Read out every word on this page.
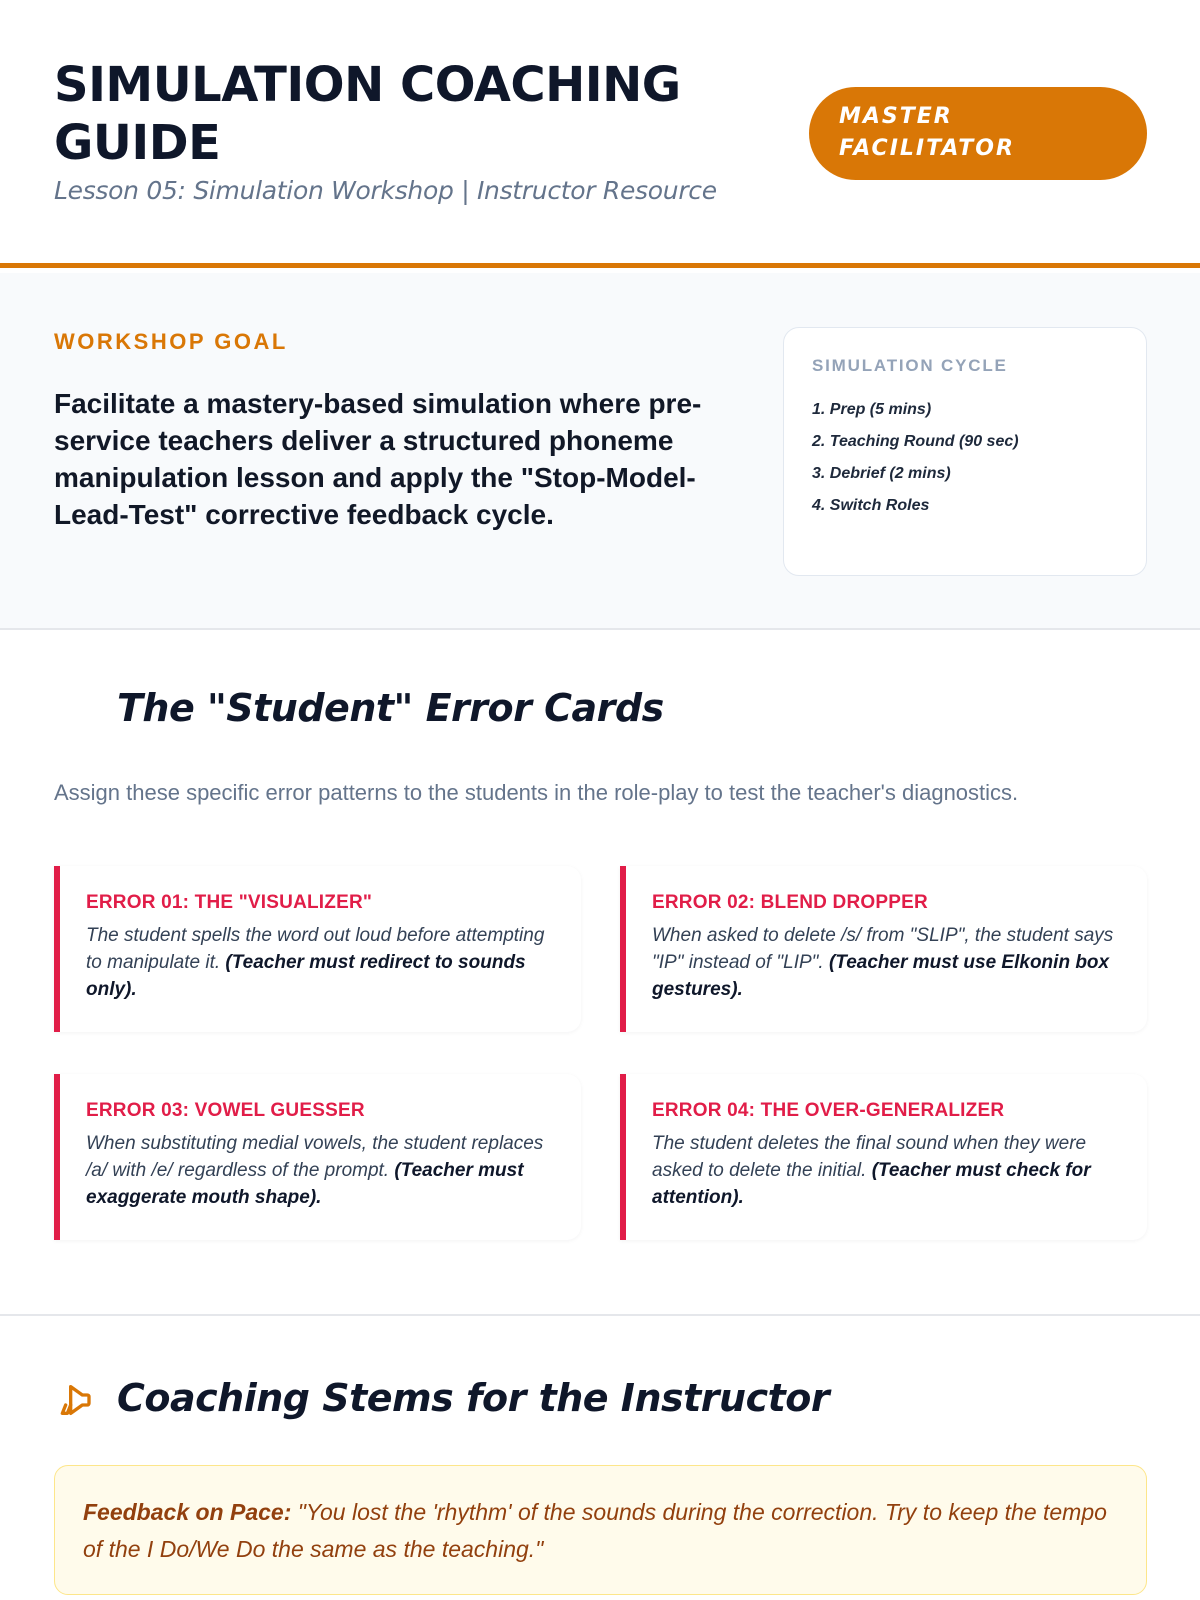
SIMULATION COACHING GUIDE
Lesson 05: Simulation Workshop | Instructor Resource
MASTER FACILITATOR
WORKSHOP GOAL

Facilitate a mastery-based simulation where pre-service teachers deliver a structured phoneme manipulation lesson and apply the "Stop-Model-Lead-Test" corrective feedback cycle.

SIMULATION CYCLE
1. Prep (5 mins)
2. Teaching Round (90 sec)
3. Debrief (2 mins)
4. Switch Roles
The "Student" Error Cards

Assign these specific error patterns to the students in the role-play to test the teacher's diagnostics.

ERROR 01: THE "VISUALIZER"
The student spells the word out loud before attempting to manipulate it. (Teacher must redirect to sounds only).
ERROR 02: BLEND DROPPER
When asked to delete /s/ from "SLIP", the student says "IP" instead of "LIP". (Teacher must use Elkonin box gestures).
ERROR 03: VOWEL GUESSER
When substituting medial vowels, the student replaces /a/ with /e/ regardless of the prompt. (Teacher must exaggerate mouth shape).
ERROR 04: THE OVER-GENERALIZER
The student deletes the final sound when they were asked to delete the initial. (Teacher must check for attention).
Coaching Stems for the Instructor
Feedback on Pace: "You lost the 'rhythm' of the sounds during the correction. Try to keep the tempo of the I Do/We Do the same as the teaching."
